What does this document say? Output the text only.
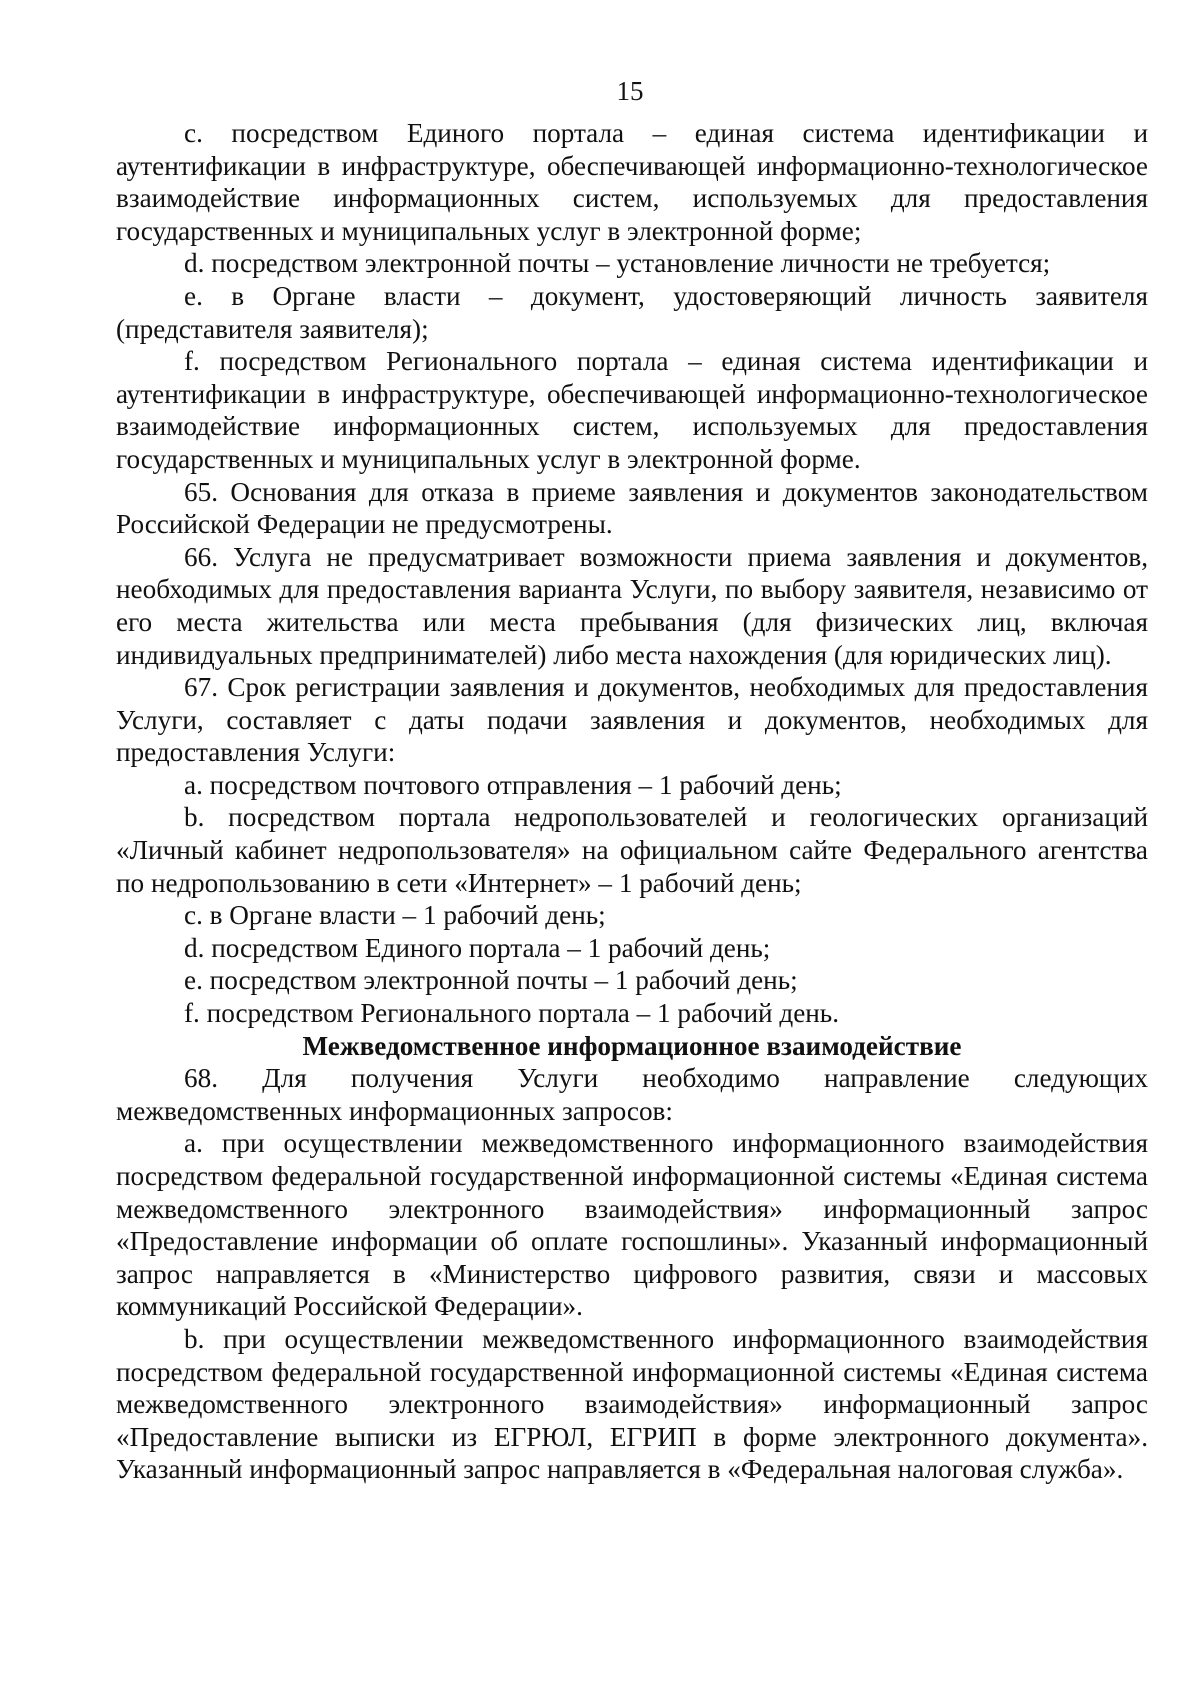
15

c. посредством Единого портала – единая система идентификации и аутентификации в инфраструктуре, обеспечивающей информационно-технологическое взаимодействие информационных систем, используемых для предоставления государственных и муниципальных услуг в электронной форме;

d. посредством электронной почты – установление личности не требуется;

e. в Органе власти – документ, удостоверяющий личность заявителя (представителя заявителя);

f. посредством Регионального портала – единая система идентификации и аутентификации в инфраструктуре, обеспечивающей информационно-технологическое взаимодействие информационных систем, используемых для предоставления государственных и муниципальных услуг в электронной форме.

65. Основания для отказа в приеме заявления и документов законодательством Российской Федерации не предусмотрены.

66. Услуга не предусматривает возможности приема заявления и документов, необходимых для предоставления варианта Услуги, по выбору заявителя, независимо от его места жительства или места пребывания (для физических лиц, включая индивидуальных предпринимателей) либо места нахождения (для юридических лиц).

67. Срок регистрации заявления и документов, необходимых для предоставления Услуги, составляет с даты подачи заявления и документов, необходимых для предоставления Услуги:

a. посредством почтового отправления – 1 рабочий день;

b. посредством портала недропользователей и геологических организаций «Личный кабинет недропользователя» на официальном сайте Федерального агентства по недропользованию в сети «Интернет» – 1 рабочий день;

c. в Органе власти – 1 рабочий день;

d. посредством Единого портала – 1 рабочий день;

e. посредством электронной почты – 1 рабочий день;

f. посредством Регионального портала – 1 рабочий день.

Межведомственное информационное взаимодействие

68. Для получения Услуги необходимо направление следующих межведомственных информационных запросов:

a. при осуществлении межведомственного информационного взаимодействия посредством федеральной государственной информационной системы «Единая система межведомственного электронного взаимодействия» информационный запрос «Предоставление информации об оплате госпошлины». Указанный информационный запрос направляется в «Министерство цифрового развития, связи и массовых коммуникаций Российской Федерации».

b. при осуществлении межведомственного информационного взаимодействия посредством федеральной государственной информационной системы «Единая система межведомственного электронного взаимодействия» информационный запрос «Предоставление выписки из ЕГРЮЛ, ЕГРИП в форме электронного документа». Указанный информационный запрос направляется в «Федеральная налоговая служба».
